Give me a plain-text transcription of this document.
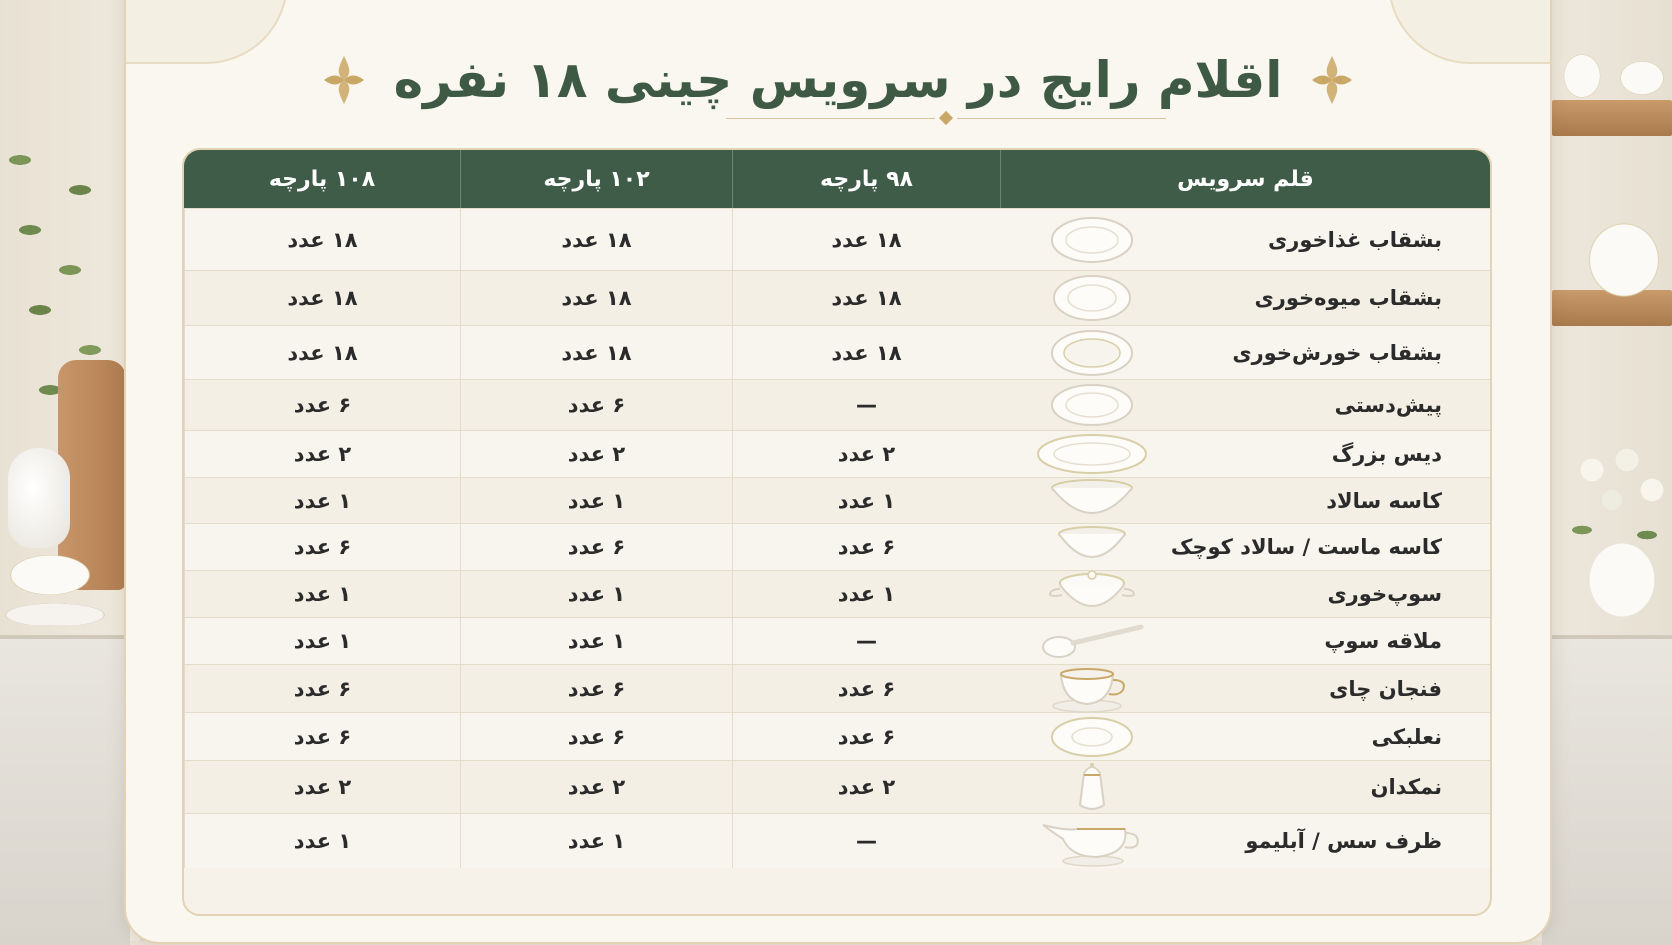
اقلام رایج در سرویس چینی ۱۸ نفره
قلم سرویس
۹۸ پارچه
۱۰۲ پارچه
۱۰۸ پارچه
بشقاب غذاخوری
۱۸ عدد
۱۸ عدد
۱۸ عدد
بشقاب میوه‌خوری
۱۸ عدد
۱۸ عدد
۱۸ عدد
بشقاب خورش‌خوری
۱۸ عدد
۱۸ عدد
۱۸ عدد
پیش‌دستی
—
۶ عدد
۶ عدد
دیس بزرگ
۲ عدد
۲ عدد
۲ عدد
کاسه سالاد
۱ عدد
۱ عدد
۱ عدد
کاسه ماست / سالاد کوچک
۶ عدد
۶ عدد
۶ عدد
سوپ‌خوری
۱ عدد
۱ عدد
۱ عدد
ملاقه سوپ
—
۱ عدد
۱ عدد
فنجان چای
۶ عدد
۶ عدد
۶ عدد
نعلبکی
۶ عدد
۶ عدد
۶ عدد
نمکدان
۲ عدد
۲ عدد
۲ عدد
ظرف سس / آبلیمو
—
۱ عدد
۱ عدد
